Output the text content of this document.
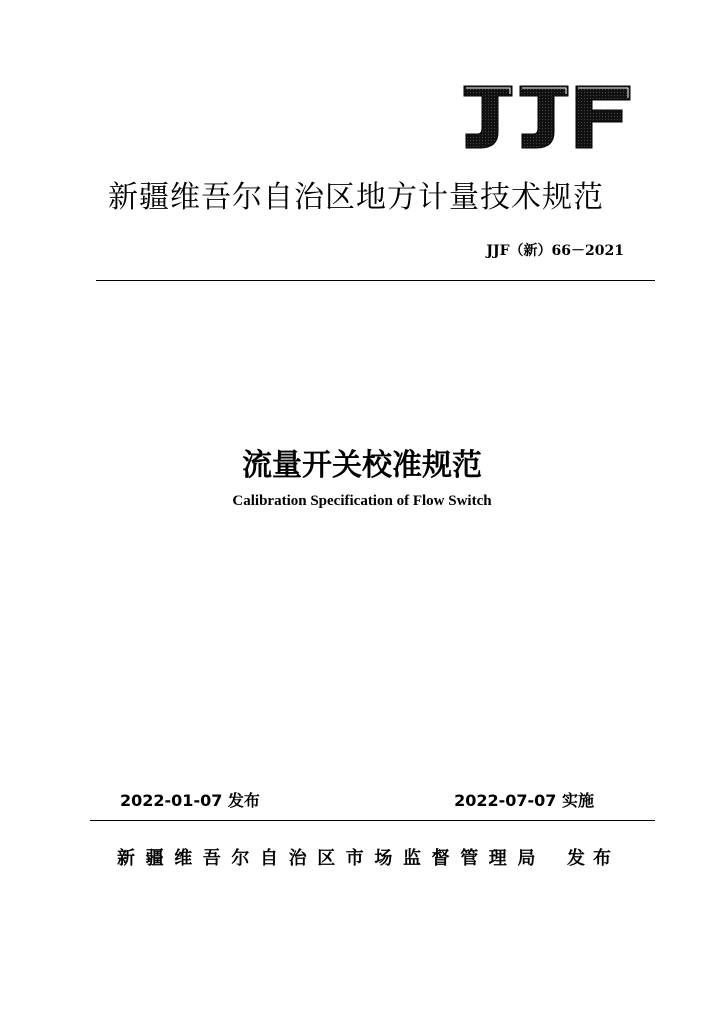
新疆维吾尔自治区地方计量技术规范
JJF（新）66－2021
流量开关校准规范
Calibration Specification of Flow Switch
2022-01-07 发布	2022-07-07 实施
新疆维吾尔自治区市场监督管理局 发布
